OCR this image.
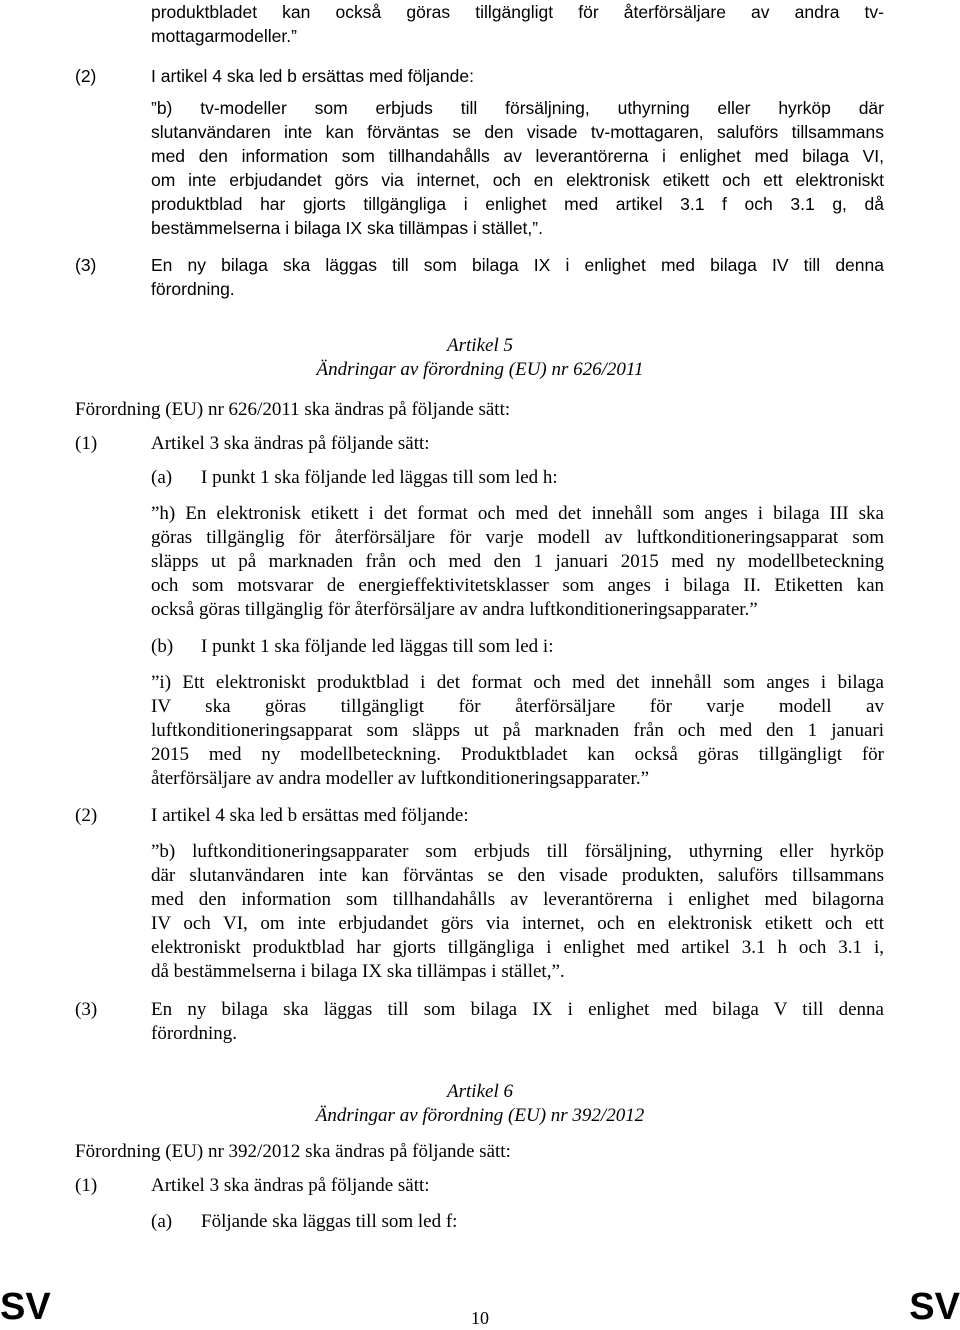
produktbladet kan också göras tillgängligt för återförsäljare av andra tv-
mottagarmodeller.”
(2)	I artikel 4 ska led b ersättas med följande:
”b) tv-modeller som erbjuds till försäljning, uthyrning eller hyrköp där
slutanvändaren inte kan förväntas se den visade tv-mottagaren, saluförs tillsammans
med den information som tillhandahålls av leverantörerna i enlighet med bilaga VI,
om inte erbjudandet görs via internet, och en elektronisk etikett och ett elektroniskt
produktblad har gjorts tillgängliga i enlighet med artikel 3.1 f och 3.1 g, då
bestämmelserna i bilaga IX ska tillämpas i stället,”.
(3)	En ny bilaga ska läggas till som bilaga IX i enlighet med bilaga IV till denna
förordning.
Artikel 5
Ändringar av förordning (EU) nr 626/2011
Förordning (EU) nr 626/2011 ska ändras på följande sätt:
(1)	Artikel 3 ska ändras på följande sätt:
(a) I punkt 1 ska följande led läggas till som led h:
”h) En elektronisk etikett i det format och med det innehåll som anges i bilaga III ska
göras tillgänglig för återförsäljare för varje modell av luftkonditioneringsapparat som
släpps ut på marknaden från och med den 1 januari 2015 med ny modellbeteckning
och som motsvarar de energieffektivitetsklasser som anges i bilaga II. Etiketten kan
också göras tillgänglig för återförsäljare av andra luftkonditioneringsapparater.”
(b) I punkt 1 ska följande led läggas till som led i:
”i) Ett elektroniskt produktblad i det format och med det innehåll som anges i bilaga
IV ska göras tillgängligt för återförsäljare för varje modell av
luftkonditioneringsapparat som släpps ut på marknaden från och med den 1 januari
2015 med ny modellbeteckning. Produktbladet kan också göras tillgängligt för
återförsäljare av andra modeller av luftkonditioneringsapparater.”
(2)	I artikel 4 ska led b ersättas med följande:
”b) luftkonditioneringsapparater som erbjuds till försäljning, uthyrning eller hyrköp
där slutanvändaren inte kan förväntas se den visade produkten, saluförs tillsammans
med den information som tillhandahålls av leverantörerna i enlighet med bilagorna
IV och VI, om inte erbjudandet görs via internet, och en elektronisk etikett och ett
elektroniskt produktblad har gjorts tillgängliga i enlighet med artikel 3.1 h och 3.1 i,
då bestämmelserna i bilaga IX ska tillämpas i stället,”.
(3)	En ny bilaga ska läggas till som bilaga IX i enlighet med bilaga V till denna
förordning.
Artikel 6
Ändringar av förordning (EU) nr 392/2012
Förordning (EU) nr 392/2012 ska ändras på följande sätt:
(1)	Artikel 3 ska ändras på följande sätt:
(a) Följande ska läggas till som led f:
SV	10	SV
